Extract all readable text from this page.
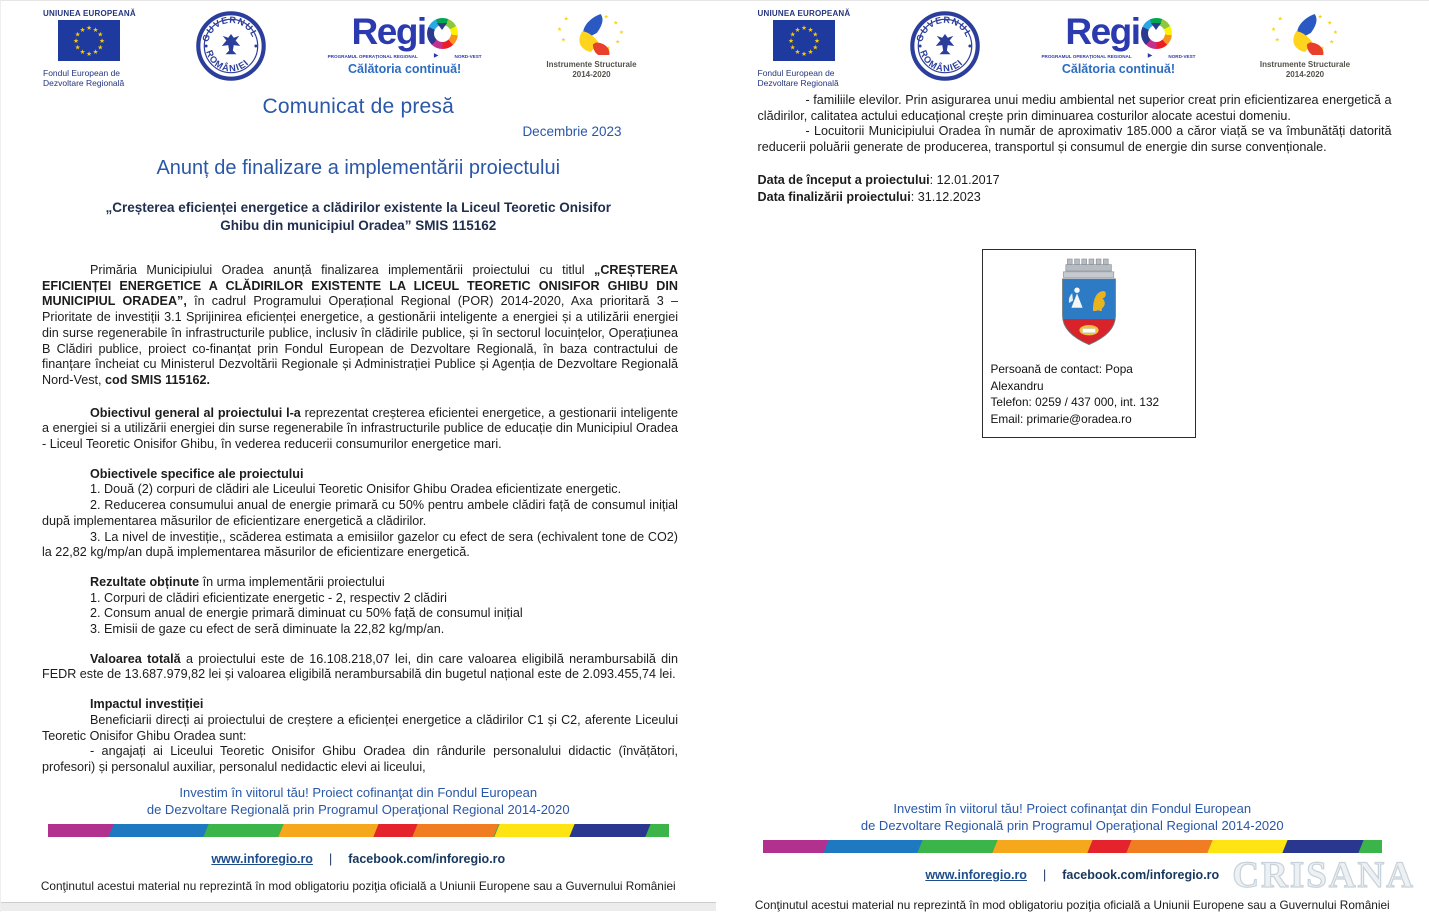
UNIUNEA EUROPEANĂ
Fondul European de
Dezvoltare Regională
Regi
PROGRAMUL OPERAȚIONAL REGIONAL	▶	NORD-VEST
Călătoria continuă!	Instrumente Structurale
2014-2020
Comunicat de presă
Decembrie 2023
Anunț de finalizare a implementării proiectului
„Creșterea eficienței energetice a clădirilor existente la Liceul Teoretic Onisifor Ghibu din municipiul Oradea” SMIS 115162

Primăria Municipiului Oradea anunță finalizarea implementării proiectului cu titlul „CREȘTEREA EFICIENȚEI ENERGETICE A CLĂDIRILOR EXISTENTE LA LICEUL TEORETIC ONISIFOR GHIBU DIN MUNICIPIUL ORADEA”, în cadrul Programului Operațional Regional (POR) 2014-2020, Axa prioritară 3 – Prioritate de investiții 3.1 Sprijinirea eficienței energetice, a gestionării inteligente a energiei și a utilizării energiei din surse regenerabile în infrastructurile publice, inclusiv în clădirile publice, și în sectorul locuințelor, Operațiunea B Clădiri publice, proiect co-finanțat prin Fondul European de Dezvoltare Regională, în baza contractului de finanțare încheiat cu Ministerul Dezvoltării Regionale și Administrației Publice și Agenția de Dezvoltare Regională Nord-Vest, cod SMIS 115162.

Obiectivul general al proiectului l-a reprezentat creșterea eficientei energetice, a gestionarii inteligente a energiei si a utilizării energiei din surse regenerabile în infrastructurile publice de educație din Municipiul Oradea - Liceul Teoretic Onisifor Ghibu, în vederea reducerii consumurilor energetice mari.

Obiectivele specifice ale proiectului

1. Două (2) corpuri de clădiri ale Liceului Teoretic Onisifor Ghibu Oradea eficientizate energetic.

2. Reducerea consumului anual de energie primară cu 50% pentru ambele clădiri față de consumul inițial după implementarea măsurilor de eficientizare energetică a clădirilor.

3. La nivel de investiție,, scăderea estimata a emisiilor gazelor cu efect de sera (echivalent tone de CO2) la 22,82 kg/mp/an după implementarea măsurilor de eficientizare energetică.

Rezultate obținute în urma implementării proiectului

1. Corpuri de clădiri eficientizate energetic - 2, respectiv 2 clădiri

2. Consum anual de energie primară diminuat cu 50% față de consumul inițial

3. Emisii de gaze cu efect de seră diminuate la 22,82 kg/mp/an.

Valoarea totală a proiectului este de 16.108.218,07 lei, din care valoarea eligibilă nerambursabilă din FEDR este de 13.687.979,82 lei și valoarea eligibilă nerambursabilă din bugetul național este de 2.093.455,74 lei.

Impactul investiției

Beneficiarii direcți ai proiectului de creștere a eficienței energetice a clădirilor C1 și C2, aferente Liceului Teoretic Onisifor Ghibu Oradea sunt:

- angajați ai Liceului Teoretic Onisifor Ghibu Oradea din rândurile personalului didactic (învățători, profesori) și personalul auxiliar, personalul nedidactic elevi ai liceului,

Investim în viitorul tău! Proiect cofinanţat din Fondul European
de Dezvoltare Regională prin Programul Operaţional Regional 2014-2020
www.inforegio.ro | facebook.com/inforegio.ro
Conţinutul acestui material nu reprezintă în mod obligatoriu poziţia oficială a Uniunii Europene sau a Guvernului României
UNIUNEA EUROPEANĂ
Fondul European de
Dezvoltare Regională
Regi
PROGRAMUL OPERAȚIONAL REGIONAL	▶	NORD-VEST
Călătoria continuă!	Instrumente Structurale
2014-2020

- familiile elevilor. Prin asigurarea unui mediu ambiental net superior creat prin eficientizarea energetică a clădirilor, calitatea actului educațional crește prin diminuarea costurilor alocate acestui domeniu.

- Locuitorii Municipiului Oradea în număr de aproximativ 185.000 a căror viață se va îmbunătăți datorită reducerii poluării generate de producerea, transportul și consumul de energie din surse convenționale.

Data de început a proiectului: 12.01.2017
Data finalizării proiectului: 31.12.2023
Persoană de contact: Popa Alexandru
Telefon: 0259 / 437 000, int. 132
Email: primarie@oradea.ro
Investim în viitorul tău! Proiect cofinanţat din Fondul European
de Dezvoltare Regională prin Programul Operaţional Regional 2014-2020
www.inforegio.ro | facebook.com/inforegio.ro
Conţinutul acestui material nu reprezintă în mod obligatoriu poziţia oficială a Uniunii Europene sau a Guvernului României
CRISANA
